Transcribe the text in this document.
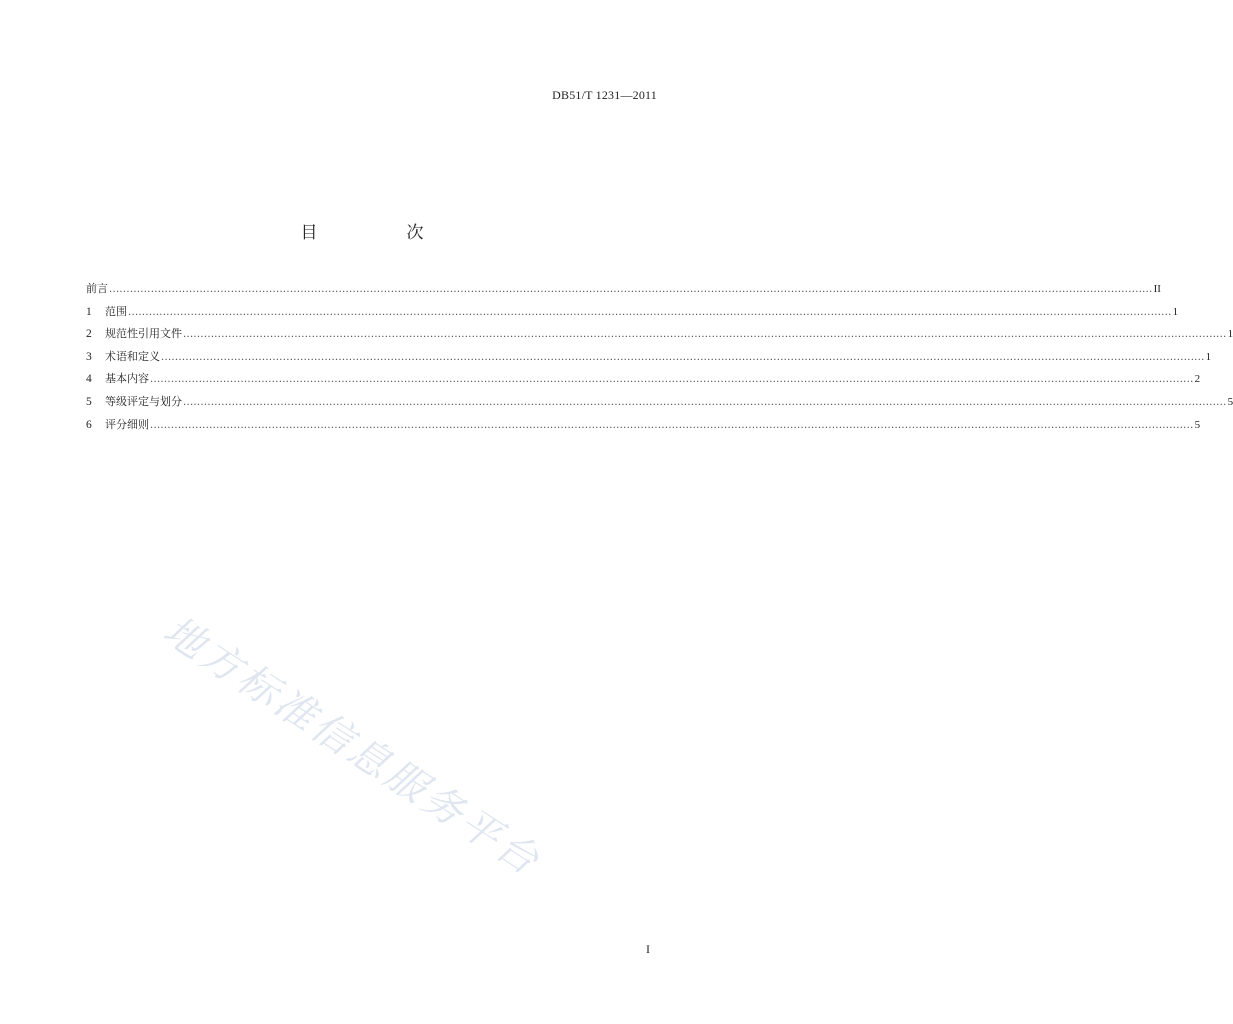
DB51/T 1231—2011
目　次
前言 ............................................................................................................................................................................................................................................................................................................ II
1	范围 ............................................................................................................................................................................................................................................................................................................ 1
2	规范性引用文件 ............................................................................................................................................................................................................................................................................................................ 1
3	术语和定义 ............................................................................................................................................................................................................................................................................................................ 1
4	基本内容 ............................................................................................................................................................................................................................................................................................................ 2
5	等级评定与划分 ............................................................................................................................................................................................................................................................................................................ 5
6	评分细则 ............................................................................................................................................................................................................................................................................................................ 5
地方标准信息服务平台
I
